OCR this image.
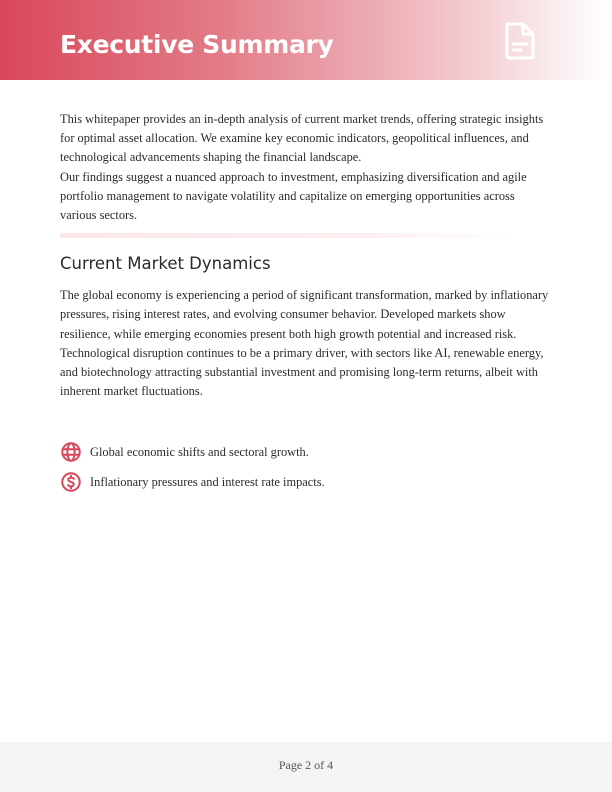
Executive Summary

This whitepaper provides an in-depth analysis of current market trends, offering strategic insights for optimal asset allocation. We examine key economic indicators, geopolitical influences, and technological advancements shaping the financial landscape.

Our findings suggest a nuanced approach to investment, emphasizing diversification and agile portfolio management to navigate volatility and capitalize on emerging opportunities across various sectors.

Current Market Dynamics

The global economy is experiencing a period of significant transformation, marked by inflationary pressures, rising interest rates, and evolving consumer behavior. Developed markets show resilience, while emerging economies present both high growth potential and increased risk.

Technological disruption continues to be a primary driver, with sectors like AI, renewable energy, and biotechnology attracting substantial investment and promising long-term returns, albeit with inherent market fluctuations.

Global economic shifts and sectoral growth.
Inflationary pressures and interest rate impacts.
Page 2 of 4
